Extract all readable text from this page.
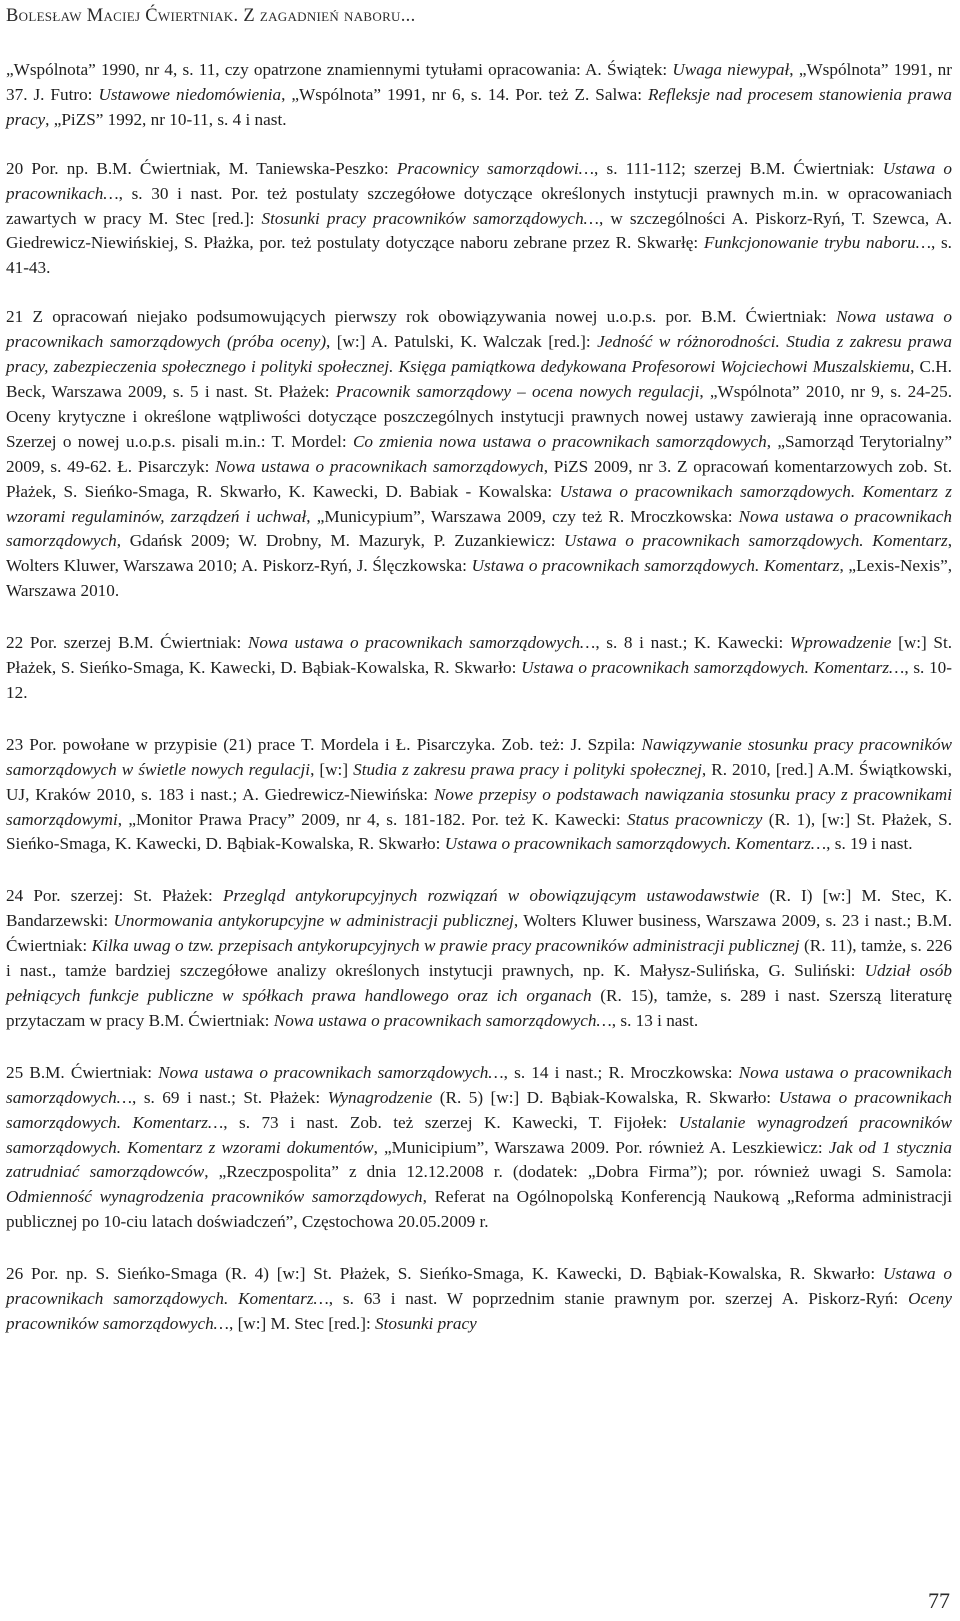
Bolesław Maciej Ćwiertniak. Z zagadnień naboru...

„Wspólnota” 1990, nr 4, s. 11, czy opatrzone znamiennymi tytułami opracowania: A. Świątek: Uwaga niewypał, „Wspólnota” 1991, nr 37. J. Futro: Ustawowe niedomówienia, „Wspólnota” 1991, nr 6, s. 14. Por. też Z. Salwa: Refleksje nad procesem stanowienia prawa pracy, „PiZS” 1992, nr 10-11, s. 4 i nast.

20 Por. np. B.M. Ćwiertniak, M. Taniewska-Peszko: Pracownicy samorządowi…, s. 111-112; szerzej B.M. Ćwiertniak: Ustawa o pracownikach…, s. 30 i nast. Por. też postulaty szczegółowe dotyczące określonych instytucji prawnych m.in. w opracowaniach zawartych w pracy M. Stec [red.]: Stosunki pracy pracowników samorządowych…, w szczególności A. Piskorz-Ryń, T. Szewca, A. Giedrewicz-Niewińskiej, S. Płażka, por. też postulaty dotyczące naboru zebrane przez R. Skwarłę: Funkcjonowanie trybu naboru…, s. 41-43.

21 Z opracowań niejako podsumowujących pierwszy rok obowiązywania nowej u.o.p.s. por. B.M. Ćwiertniak: Nowa ustawa o pracownikach samorządowych (próba oceny), [w:] A. Patulski, K. Walczak [red.]: Jedność w różnorodności. Studia z zakresu prawa pracy, zabezpieczenia społecznego i polityki społecznej. Księga pamiątkowa dedykowana Profesorowi Wojciechowi Muszalskiemu, C.H. Beck, Warszawa 2009, s. 5 i nast. St. Płażek: Pracownik samorządowy – ocena nowych regulacji, „Wspólnota” 2010, nr 9, s. 24-25. Oceny krytyczne i określone wątpliwości dotyczące poszczególnych instytucji prawnych nowej ustawy zawierają inne opracowania. Szerzej o nowej u.o.p.s. pisali m.in.: T. Mordel: Co zmienia nowa ustawa o pracownikach samorządowych, „Samorząd Terytorialny” 2009, s. 49-62. Ł. Pisarczyk: Nowa ustawa o pracownikach samorządowych, PiZS 2009, nr 3. Z opracowań komentarzowych zob. St. Płażek, S. Sieńko-Smaga, R. Skwarło, K. Kawecki, D. Babiak - Kowalska: Ustawa o pracownikach samorządowych. Komentarz z wzorami regulaminów, zarządzeń i uchwał, „Municypium”, Warszawa 2009, czy też R. Mroczkowska: Nowa ustawa o pracownikach samorządowych, Gdańsk 2009; W. Drobny, M. Mazuryk, P. Zuzankiewicz: Ustawa o pracownikach samorządowych. Komentarz, Wolters Kluwer, Warszawa 2010; A. Piskorz-Ryń, J. Ślęczkowska: Ustawa o pracownikach samorządowych. Komentarz, „Lexis-Nexis”, Warszawa 2010.

22 Por. szerzej B.M. Ćwiertniak: Nowa ustawa o pracownikach samorządowych…, s. 8 i nast.; K. Kawecki: Wprowadzenie [w:] St. Płażek, S. Sieńko-Smaga, K. Kawecki, D. Bąbiak-Kowalska, R. Skwarło: Ustawa o pracownikach samorządowych. Komentarz…, s. 10-12.

23 Por. powołane w przypisie (21) prace T. Mordela i Ł. Pisarczyka. Zob. też: J. Szpila: Nawiązywanie stosunku pracy pracowników samorządowych w świetle nowych regulacji, [w:] Studia z zakresu prawa pracy i polityki społecznej, R. 2010, [red.] A.M. Świątkowski, UJ, Kraków 2010, s. 183 i nast.; A. Giedrewicz-Niewińska: Nowe przepisy o podstawach nawiązania stosunku pracy z pracownikami samorządowymi, „Monitor Prawa Pracy” 2009, nr 4, s. 181-182. Por. też K. Kawecki: Status pracowniczy (R. 1), [w:] St. Płażek, S. Sieńko-Smaga, K. Kawecki, D. Bąbiak-Kowalska, R. Skwarło: Ustawa o pracownikach samorządowych. Komentarz…, s. 19 i nast.

24 Por. szerzej: St. Płażek: Przegląd antykorupcyjnych rozwiązań w obowiązującym ustawodawstwie (R. I) [w:] M. Stec, K. Bandarzewski: Unormowania antykorupcyjne w administracji publicznej, Wolters Kluwer business, Warszawa 2009, s. 23 i nast.; B.M. Ćwiertniak: Kilka uwag o tzw. przepisach antykorupcyjnych w prawie pracy pracowników administracji publicznej (R. 11), tamże, s. 226 i nast., tamże bardziej szczegółowe analizy określonych instytucji prawnych, np. K. Małysz-Sulińska, G. Suliński: Udział osób pełniących funkcje publiczne w spółkach prawa handlowego oraz ich organach (R. 15), tamże, s. 289 i nast. Szerszą literaturę przytaczam w pracy B.M. Ćwiertniak: Nowa ustawa o pracownikach samorządowych…, s. 13 i nast.

25 B.M. Ćwiertniak: Nowa ustawa o pracownikach samorządowych…, s. 14 i nast.; R. Mroczkowska: Nowa ustawa o pracownikach samorządowych…, s. 69 i nast.; St. Płażek: Wynagrodzenie (R. 5) [w:] D. Bąbiak-Kowalska, R. Skwarło: Ustawa o pracownikach samorządowych. Komentarz…, s. 73 i nast. Zob. też szerzej K. Kawecki, T. Fijołek: Ustalanie wynagrodzeń pracowników samorządowych. Komentarz z wzorami dokumentów, „Municipium”, Warszawa 2009. Por. również A. Leszkiewicz: Jak od 1 stycznia zatrudniać samorządowców, „Rzeczpospolita” z dnia 12.12.2008 r. (dodatek: „Dobra Firma”); por. również uwagi S. Samola: Odmienność wynagrodzenia pracowników samorządowych, Referat na Ogólnopolską Konferencją Naukową „Reforma administracji publicznej po 10-ciu latach doświadczeń”, Częstochowa 20.05.2009 r.

26 Por. np. S. Sieńko-Smaga (R. 4) [w:] St. Płażek, S. Sieńko-Smaga, K. Kawecki, D. Bąbiak-Kowalska, R. Skwarło: Ustawa o pracownikach samorządowych. Komentarz…, s. 63 i nast. W poprzednim stanie prawnym por. szerzej A. Piskorz-Ryń: Oceny pracowników samorządowych…, [w:] M. Stec [red.]: Stosunki pracy

77
